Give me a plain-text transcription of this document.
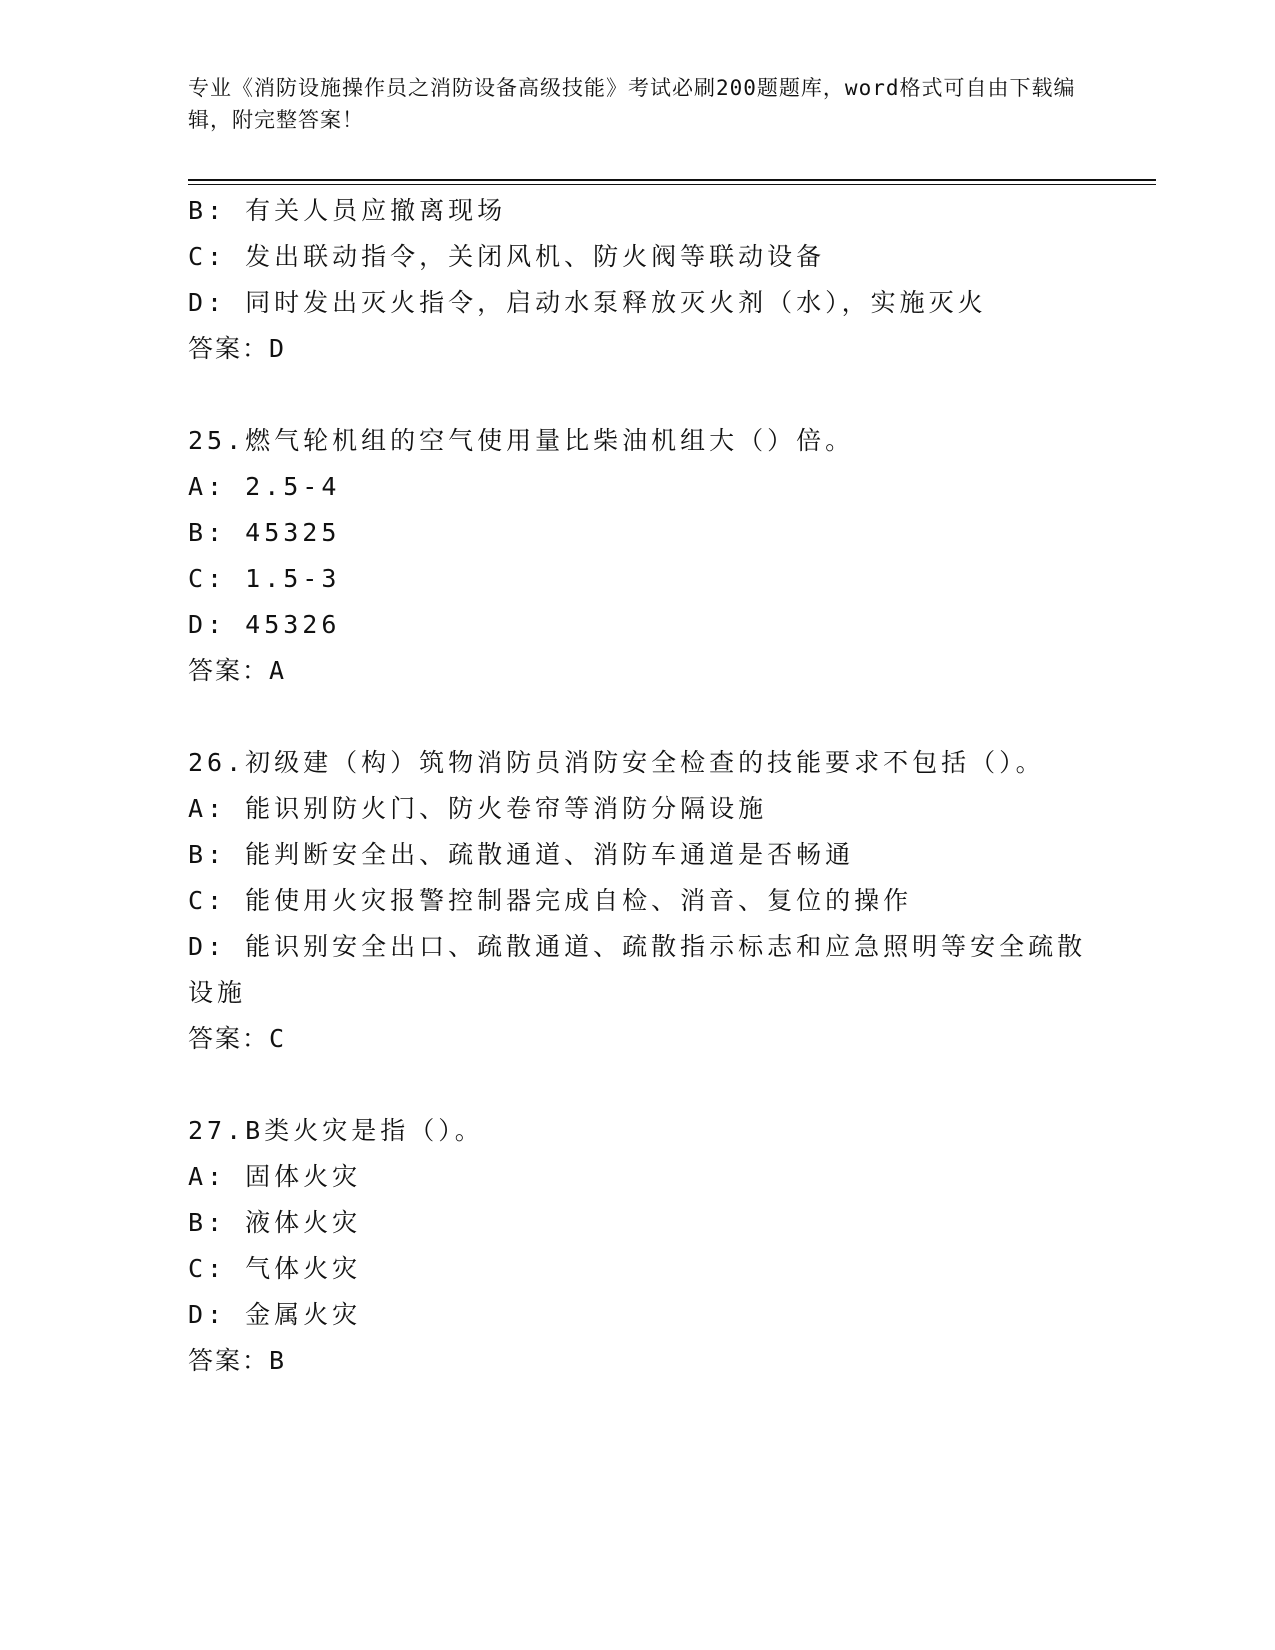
专业《消防设施操作员之消防设备高级技能》考试必刷200题题库，word格式可自由下载编辑，附完整答案！
B: 有关人员应撤离现场
C: 发出联动指令，关闭风机、防火阀等联动设备
D: 同时发出灭火指令，启动水泵释放灭火剂（水），实施灭火
答案：D
25.燃气轮机组的空气使用量比柴油机组大（）倍。
A: 2.5-4
B: 45325
C: 1.5-3
D: 45326
答案：A
26.初级建（构）筑物消防员消防安全检查的技能要求不包括（）。
A: 能识别防火门、防火卷帘等消防分隔设施
B: 能判断安全出、疏散通道、消防车通道是否畅通
C: 能使用火灾报警控制器完成自检、消音、复位的操作
D: 能识别安全出口、疏散通道、疏散指示标志和应急照明等安全疏散设施
答案：C
27.B类火灾是指（）。
A: 固体火灾
B: 液体火灾
C: 气体火灾
D: 金属火灾
答案：B
